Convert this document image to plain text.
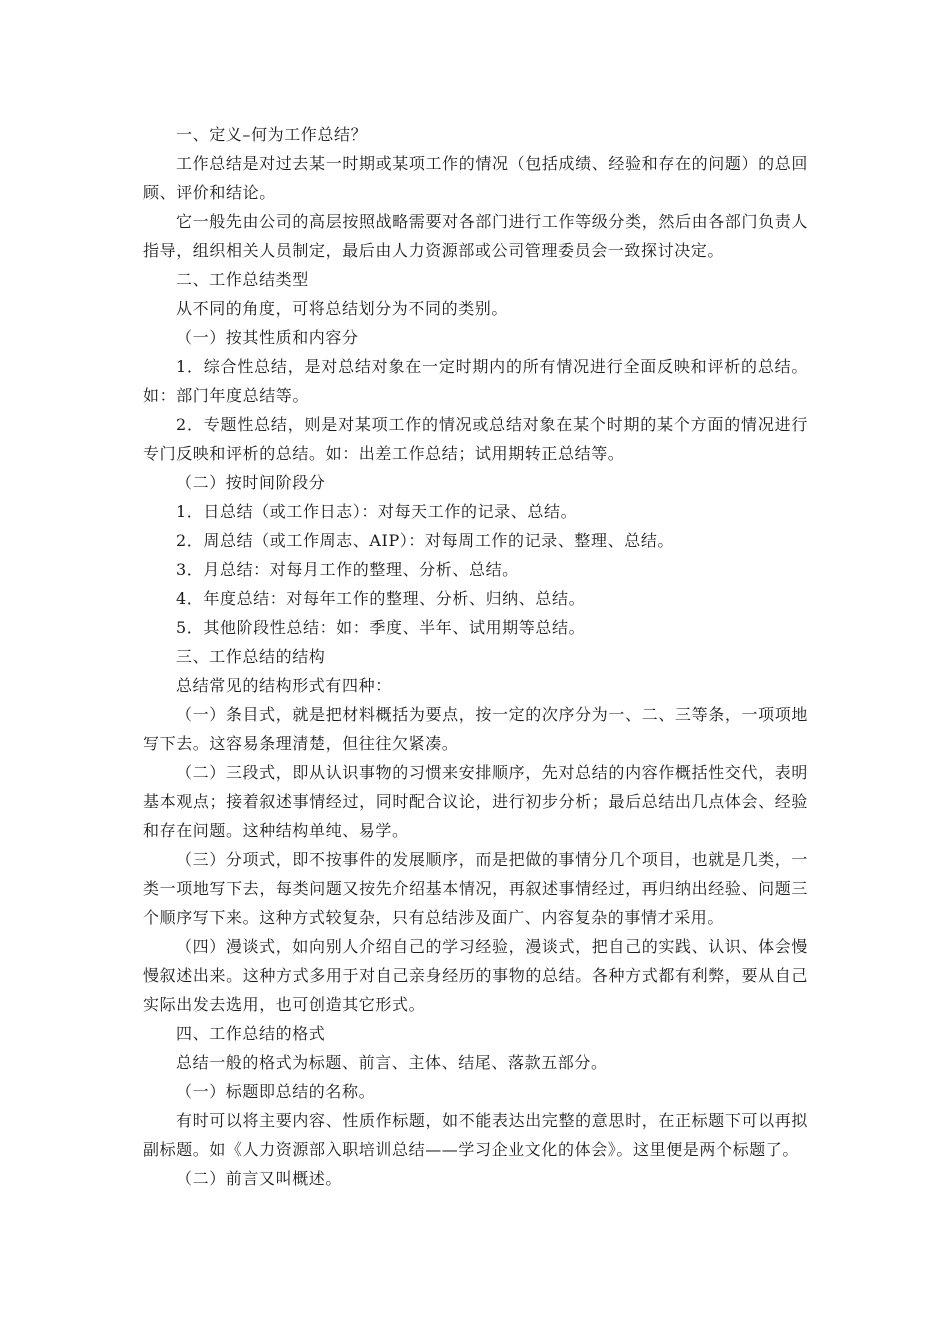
一、定义–何为工作总结？

工作总结是对过去某一时期或某项工作的情况（包括成绩、经验和存在的问题）的总回顾、评价和结论。

它一般先由公司的高层按照战略需要对各部门进行工作等级分类，然后由各部门负责人指导，组织相关人员制定，最后由人力资源部或公司管理委员会一致探讨决定。

二、工作总结类型

从不同的角度，可将总结划分为不同的类别。

（一）按其性质和内容分

1．综合性总结，是对总结对象在一定时期内的所有情况进行全面反映和评析的总结。如：部门年度总结等。

2．专题性总结，则是对某项工作的情况或总结对象在某个时期的某个方面的情况进行专门反映和评析的总结。如：出差工作总结；试用期转正总结等。

（二）按时间阶段分

1．日总结（或工作日志）：对每天工作的记录、总结。

2．周总结（或工作周志、AIP）：对每周工作的记录、整理、总结。

3．月总结：对每月工作的整理、分析、总结。

4．年度总结：对每年工作的整理、分析、归纳、总结。

5．其他阶段性总结：如：季度、半年、试用期等总结。

三、工作总结的结构

总结常见的结构形式有四种：

（一）条目式，就是把材料概括为要点，按一定的次序分为一、二、三等条，一项项地写下去。这容易条理清楚，但往往欠紧凑。

（二）三段式，即从认识事物的习惯来安排顺序，先对总结的内容作概括性交代，表明基本观点；接着叙述事情经过，同时配合议论，进行初步分析；最后总结出几点体会、经验和存在问题。这种结构单纯、易学。

（三）分项式，即不按事件的发展顺序，而是把做的事情分几个项目，也就是几类，一类一项地写下去，每类问题又按先介绍基本情况，再叙述事情经过，再归纳出经验、问题三个顺序写下来。这种方式较复杂，只有总结涉及面广、内容复杂的事情才采用。

（四）漫谈式，如向别人介绍自己的学习经验，漫谈式，把自己的实践、认识、体会慢慢叙述出来。这种方式多用于对自己亲身经历的事物的总结。各种方式都有利弊，要从自己实际出发去选用，也可创造其它形式。

四、工作总结的格式

总结一般的格式为标题、前言、主体、结尾、落款五部分。

（一）标题即总结的名称。

有时可以将主要内容、性质作标题，如不能表达出完整的意思时，在正标题下可以再拟副标题。如《人力资源部入职培训总结——学习企业文化的体会》。这里便是两个标题了。

（二）前言又叫概述。
